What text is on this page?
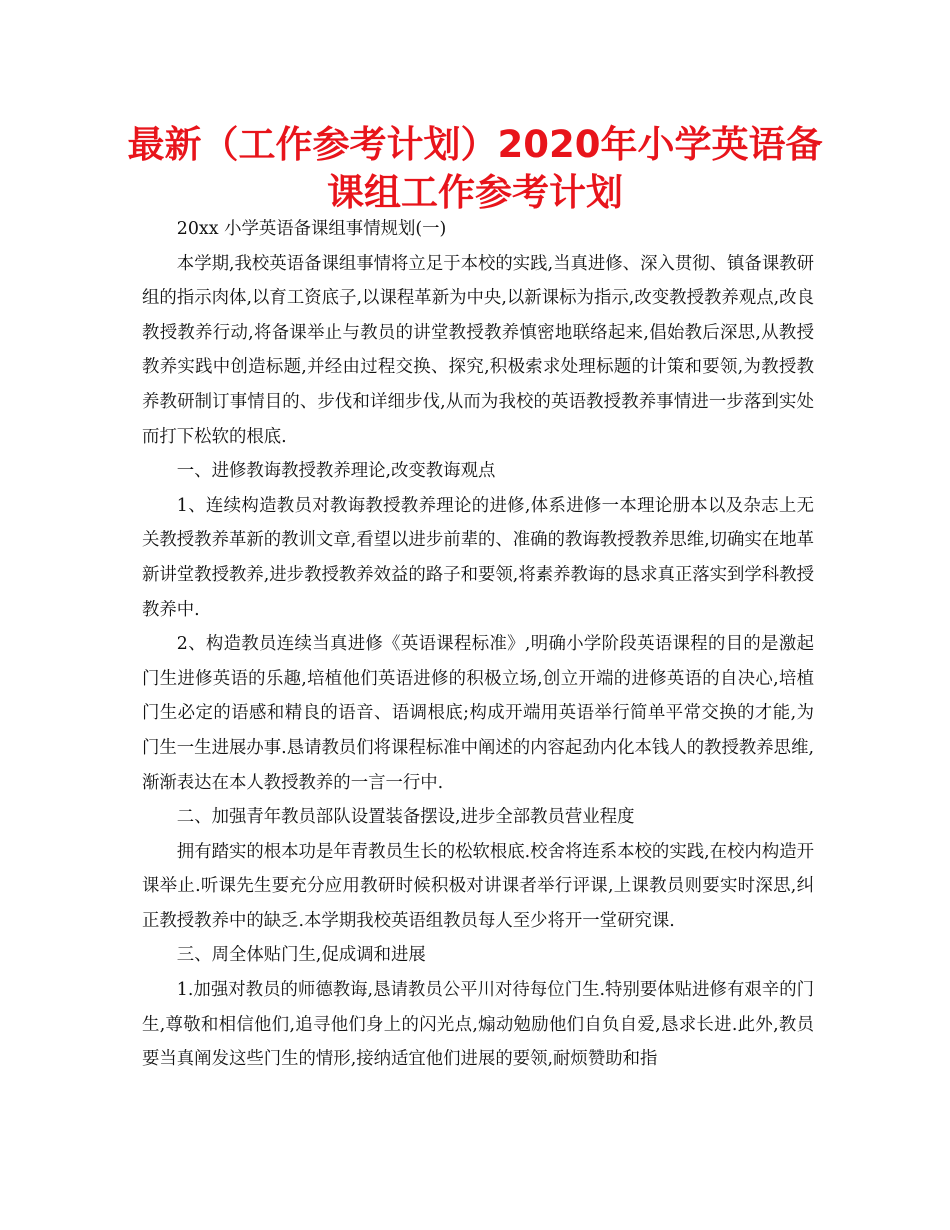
最新（工作参考计划）2020年小学英语备
课组工作参考计划

20xx 小学英语备课组事情规划(一)

本学期,我校英语备课组事情将立足于本校的实践,当真进修、深入贯彻、镇备课教研组的指示肉体,以育工资底子,以课程革新为中央,以新课标为指示,改变教授教养观点,改良教授教养行动,将备课举止与教员的讲堂教授教养慎密地联络起来,倡始教后深思,从教授教养实践中创造标题,并经由过程交换、探究,积极索求处理标题的计策和要领,为教授教养教研制订事情目的、步伐和详细步伐,从而为我校的英语教授教养事情进一步落到实处而打下松软的根底.

一、进修教诲教授教养理论,改变教诲观点

1、连续构造教员对教诲教授教养理论的进修,体系进修一本理论册本以及杂志上无关教授教养革新的教训文章,看望以进步前辈的、准确的教诲教授教养思维,切确实在地革新讲堂教授教养,进步教授教养效益的路子和要领,将素养教诲的恳求真正落实到学科教授教养中.

2、构造教员连续当真进修《英语课程标准》,明确小学阶段英语课程的目的是激起门生进修英语的乐趣,培植他们英语进修的积极立场,创立开端的进修英语的自决心,培植门生必定的语感和精良的语音、语调根底;构成开端用英语举行简单平常交换的才能,为门生一生进展办事.恳请教员们将课程标准中阐述的内容起劲内化本钱人的教授教养思维,渐渐表达在本人教授教养的一言一行中.

二、加强青年教员部队设置装备摆设,进步全部教员营业程度

拥有踏实的根本功是年青教员生长的松软根底.校舍将连系本校的实践,在校内构造开课举止.听课先生要充分应用教研时候积极对讲课者举行评课,上课教员则要实时深思,纠正教授教养中的缺乏.本学期我校英语组教员每人至少将开一堂研究课.

三、周全体贴门生,促成调和进展

1.加强对教员的师德教诲,恳请教员公平川对待每位门生.特别要体贴进修有艰辛的门生,尊敬和相信他们,追寻他们身上的闪光点,煽动勉励他们自负自爱,恳求长进.此外,教员要当真阐发这些门生的情形,接纳适宜他们进展的要领,耐烦赞助和指
